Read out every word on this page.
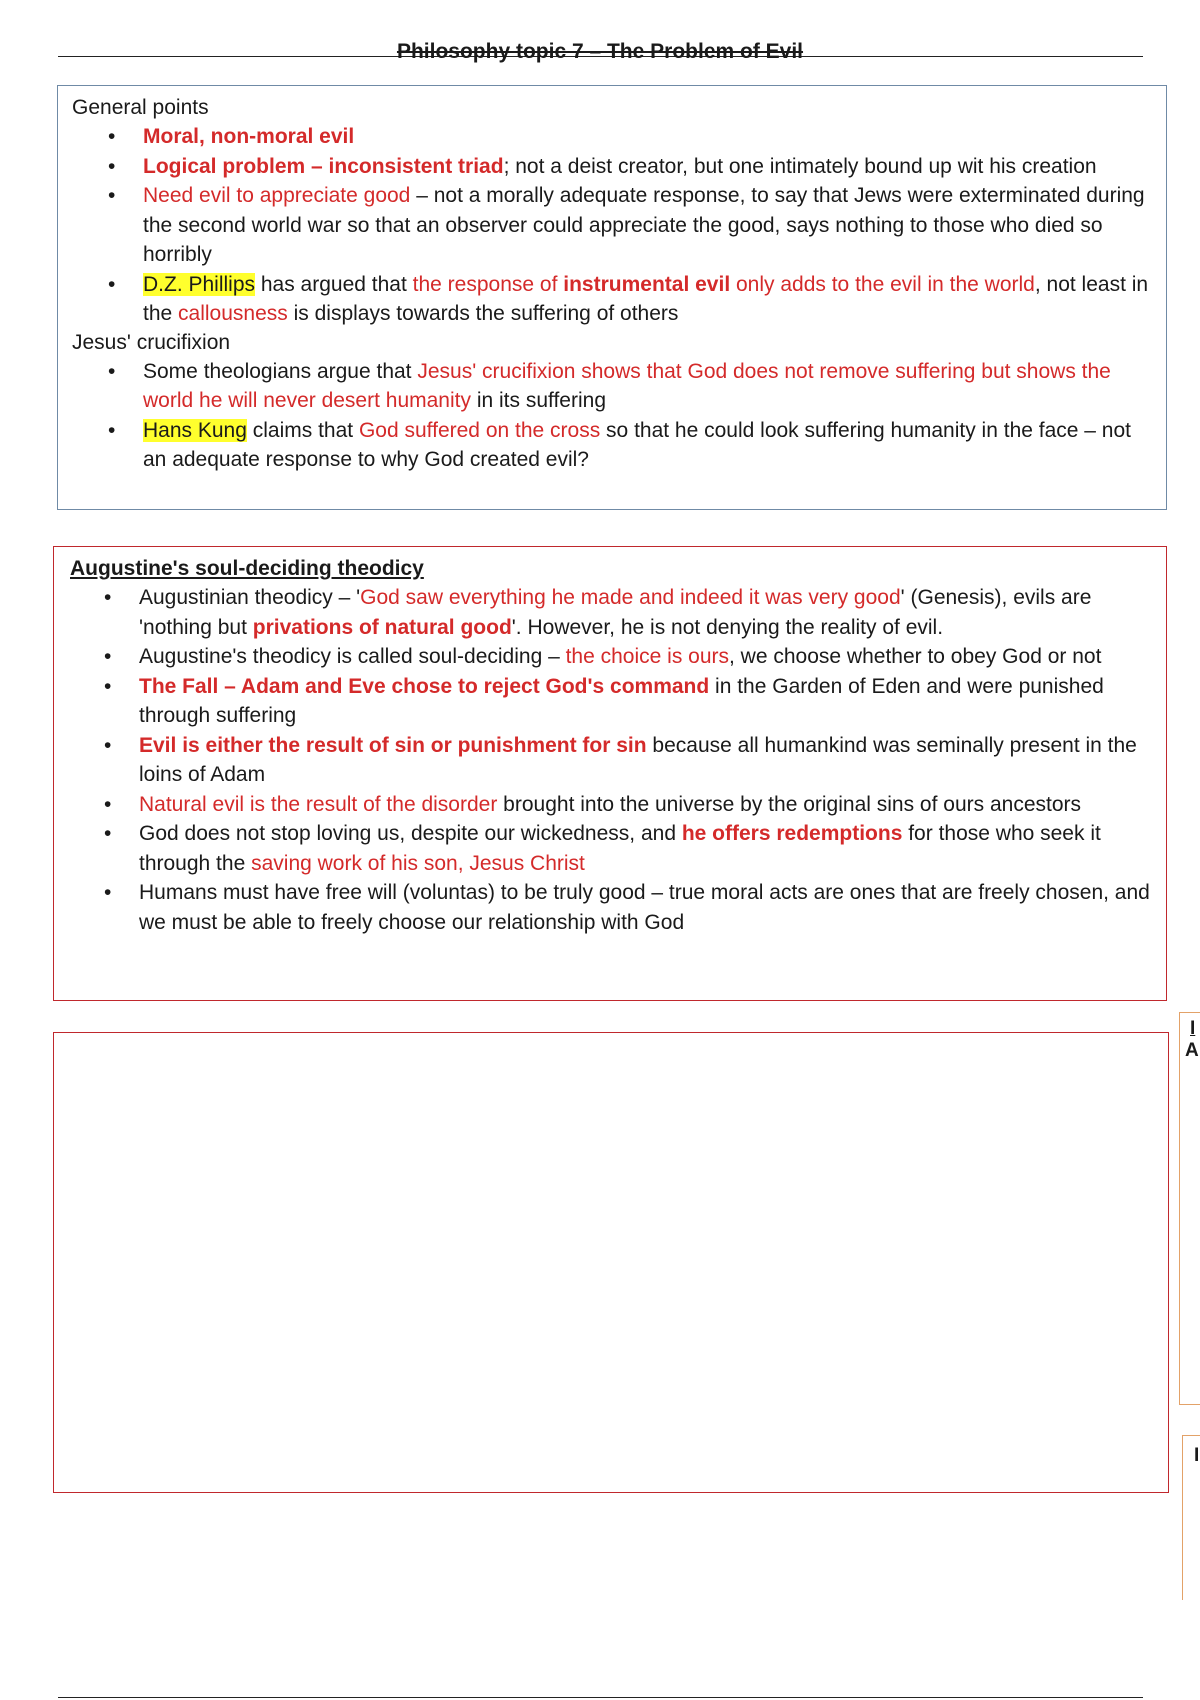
Philosophy topic 7 – The Problem of Evil
General points
• Moral, non-moral evil
• Logical problem – inconsistent triad; not a deist creator, but one intimately bound up wit his creation
• Need evil to appreciate good – not a morally adequate response, to say that Jews were exterminated during the second world war so that an observer could appreciate the good, says nothing to those who died so horribly
• D.Z. Phillips has argued that the response of instrumental evil only adds to the evil in the world, not least in the callousness is displays towards the suffering of others
Jesus' crucifixion
• Some theologians argue that Jesus' crucifixion shows that God does not remove suffering but shows the world he will never desert humanity in its suffering
• Hans Kung claims that God suffered on the cross so that he could look suffering humanity in the face – not an adequate response to why God created evil?
Augustine's soul-deciding theodicy
• Augustinian theodicy – 'God saw everything he made and indeed it was very good' (Genesis), evils are 'nothing but privations of natural good'. However, he is not denying the reality of evil.
• Augustine's theodicy is called soul-deciding – the choice is ours, we choose whether to obey God or not
• The Fall – Adam and Eve chose to reject God's command in the Garden of Eden and were punished through suffering
• Evil is either the result of sin or punishment for sin because all humankind was seminally present in the loins of Adam
• Natural evil is the result of the disorder brought into the universe by the original sins of ours ancestors
• God does not stop loving us, despite our wickedness, and he offers redemptions for those who seek it through the saving work of his son, Jesus Christ
• Humans must have free will (voluntas) to be truly good – true moral acts are ones that are freely chosen, and we must be able to freely choose our relationship with God
I
A
I
